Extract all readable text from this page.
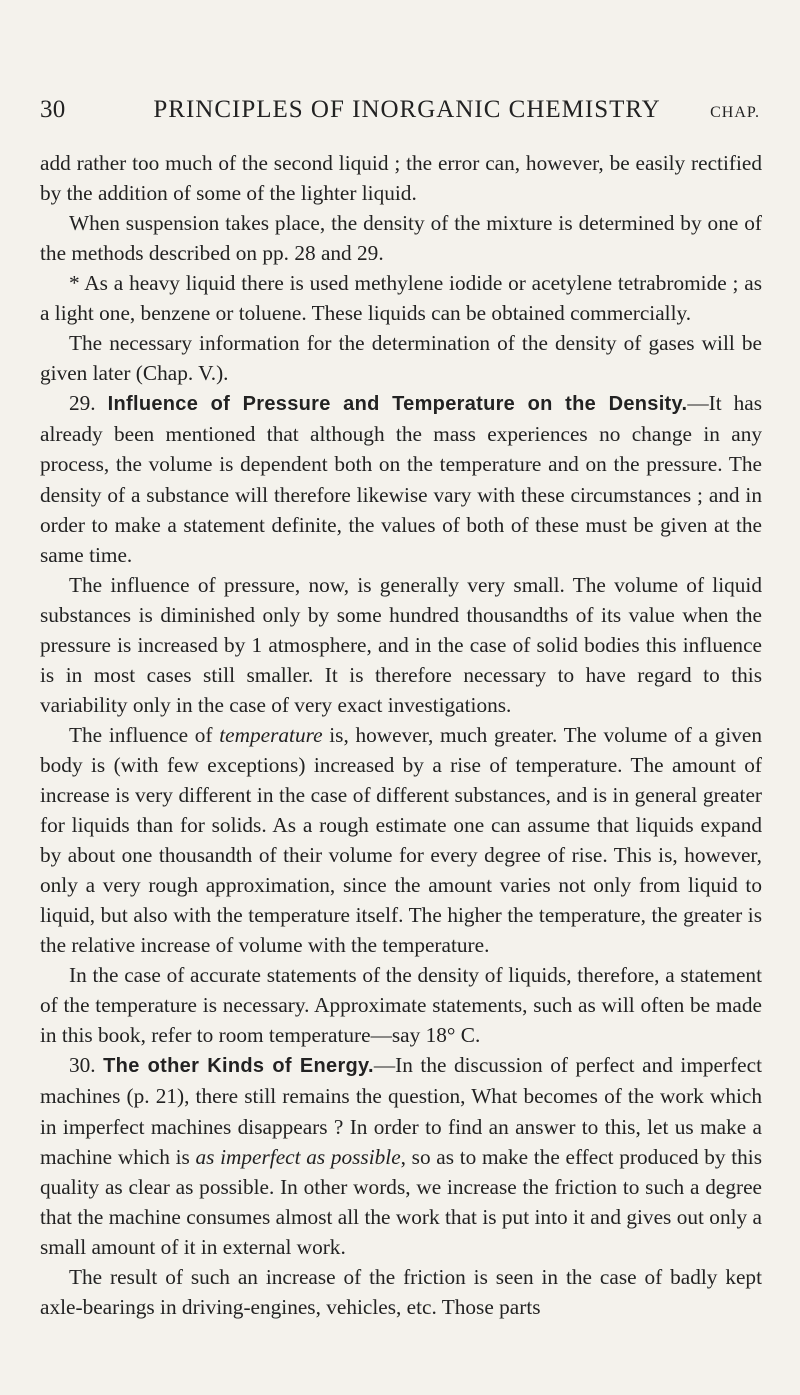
30	PRINCIPLES OF INORGANIC CHEMISTRY	CHAP.

add rather too much of the second liquid ; the error can, however, be easily rectified by the addition of some of the lighter liquid.

When suspension takes place, the density of the mixture is determined by one of the methods described on pp. 28 and 29.

* As a heavy liquid there is used methylene iodide or acetylene tetrabromide ; as a light one, benzene or toluene. These liquids can be obtained commercially.

The necessary information for the determination of the density of gases will be given later (Chap. V.).

29. Influence of Pressure and Temperature on the Density.—It has already been mentioned that although the mass experiences no change in any process, the volume is dependent both on the temperature and on the pressure. The density of a substance will therefore likewise vary with these circumstances ; and in order to make a statement definite, the values of both of these must be given at the same time.

The influence of pressure, now, is generally very small. The volume of liquid substances is diminished only by some hundred thousandths of its value when the pressure is increased by 1 atmosphere, and in the case of solid bodies this influence is in most cases still smaller. It is therefore necessary to have regard to this variability only in the case of very exact investigations.

The influence of temperature is, however, much greater. The volume of a given body is (with few exceptions) increased by a rise of temperature. The amount of increase is very different in the case of different substances, and is in general greater for liquids than for solids. As a rough estimate one can assume that liquids expand by about one thousandth of their volume for every degree of rise. This is, however, only a very rough approximation, since the amount varies not only from liquid to liquid, but also with the temperature itself. The higher the temperature, the greater is the relative increase of volume with the temperature.

In the case of accurate statements of the density of liquids, therefore, a statement of the temperature is necessary. Approximate statements, such as will often be made in this book, refer to room temperature—say 18° C.

30. The other Kinds of Energy.—In the discussion of perfect and imperfect machines (p. 21), there still remains the question, What becomes of the work which in imperfect machines disappears ? In order to find an answer to this, let us make a machine which is as imperfect as possible, so as to make the effect produced by this quality as clear as possible. In other words, we increase the friction to such a degree that the machine consumes almost all the work that is put into it and gives out only a small amount of it in external work.

The result of such an increase of the friction is seen in the case of badly kept axle-bearings in driving-engines, vehicles, etc. Those parts
